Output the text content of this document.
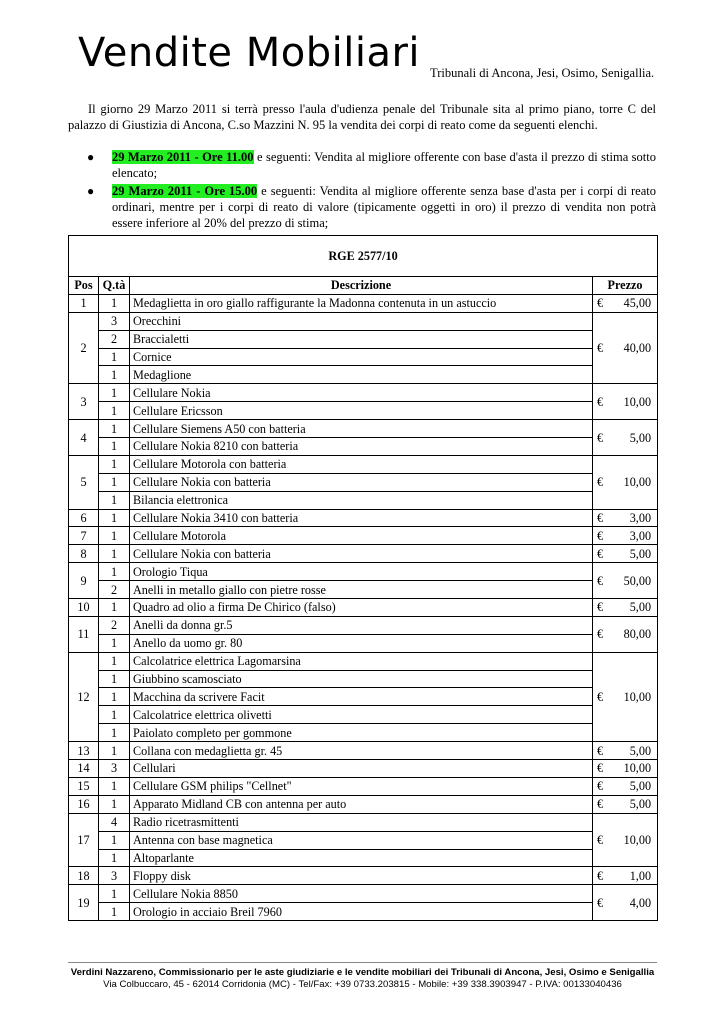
Vendite Mobiliari Tribunali di Ancona, Jesi, Osimo, Senigallia.
Il giorno 29 Marzo 2011 si terrà presso l'aula d'udienza penale del Tribunale sita al primo piano, torre C del palazzo di Giustizia di Ancona, C.so Mazzini N. 95 la vendita dei corpi di reato come da seguenti elenchi.
● 29 Marzo 2011 - Ore 11.00 e seguenti: Vendita al migliore offerente con base d'asta il prezzo di stima sotto elencato;
● 29 Marzo 2011 - Ore 15.00 e seguenti: Vendita al migliore offerente senza base d'asta per i corpi di reato ordinari, mentre per i corpi di reato di valore (tipicamente oggetti in oro) il prezzo di vendita non potrà essere inferiore al 20% del prezzo di stima;
RGE 2577/10			
Pos	Q.tà	Descrizione	Prezzo
1	1	Medaglietta in oro giallo raffigurante la Madonna contenuta in un astuccio	€ 45,00

2	3	Orecchini	€ 40,00

	2	Braccialetti	
	1	Cornice	
	1	Medaglione	
3	1	Cellulare Nokia	€ 10,00

	1	Cellulare Ericsson	
4	1	Cellulare Siemens A50 con batteria	€ 5,00

	1	Cellulare Nokia 8210 con batteria	
5	1	Cellulare Motorola con batteria	€ 10,00

	1	Cellulare Nokia con batteria	
	1	Bilancia elettronica	
6	1	Cellulare Nokia 3410 con batteria	€ 3,00

7	1	Cellulare Motorola	€ 3,00

8	1	Cellulare Nokia con batteria	€ 5,00

9	1	Orologio Tiqua	€ 50,00

	2	Anelli in metallo giallo con pietre rosse	
10	1	Quadro ad olio a firma De Chirico (falso)	€ 5,00

11	2	Anelli da donna gr.5	€ 80,00

	1	Anello da uomo gr. 80	
12	1	Calcolatrice elettrica Lagomarsina	€ 10,00

	1	Giubbino scamosciato	
	1	Macchina da scrivere Facit	
	1	Calcolatrice elettrica olivetti	
	1	Paiolato completo per gommone	
13	1	Collana con medaglietta gr. 45	€ 5,00

14	3	Cellulari	€ 10,00

15	1	Cellulare GSM philips "Cellnet"	€ 5,00

16	1	Apparato Midland CB con antenna per auto	€ 5,00

17	4	Radio ricetrasmittenti	€ 10,00

	1	Antenna con base magnetica	
	1	Altoparlante	
18	3	Floppy disk	€ 1,00

19	1	Cellulare Nokia 8850	€ 4,00

	1	Orologio in acciaio Breil 7960	
Verdini Nazzareno, Commissionario per le aste giudiziarie e le vendite mobiliari dei Tribunali di Ancona, Jesi, Osimo e Senigallia
Via Colbuccaro, 45 - 62014 Corridonia (MC) - Tel/Fax: +39 0733.203815 - Mobile: +39 338.3903947 - P.IVA: 00133040436
